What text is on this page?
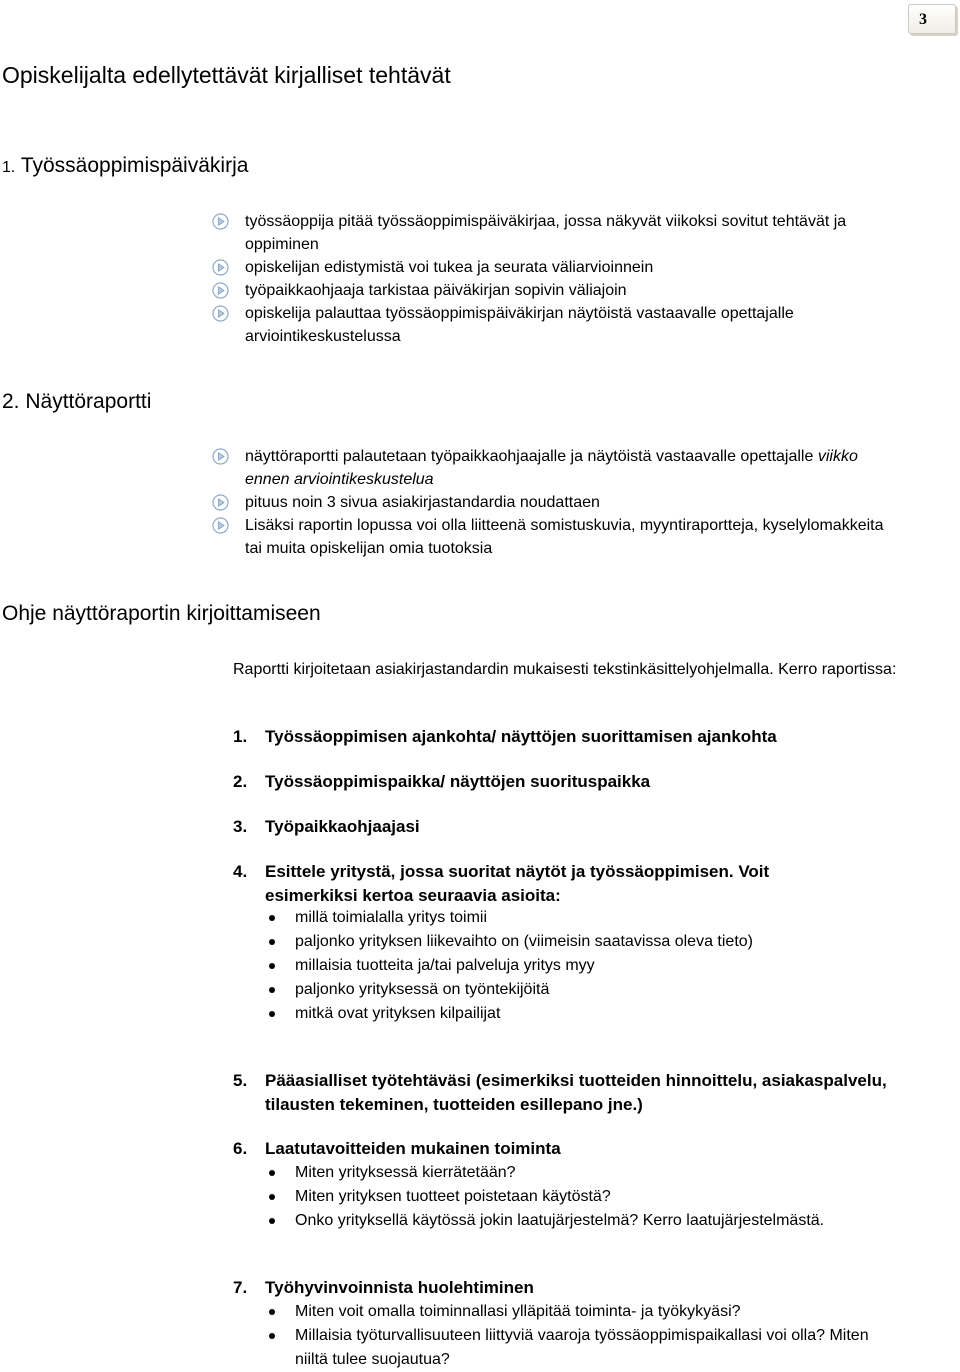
3
Opiskelijalta edellytettävät kirjalliset tehtävät
1. Työssäoppimispäiväkirja
työssäoppija pitää työssäoppimispäiväkirjaa, jossa näkyvät viikoksi sovitut tehtävät ja oppiminen
opiskelijan edistymistä voi tukea ja seurata väliarvioinnein
työpaikkaohjaaja tarkistaa päiväkirjan sopivin väliajoin
opiskelija palauttaa työssäoppimispäiväkirjan näytöistä vastaavalle opettajalle arviointikeskustelussa
2. Näyttöraportti
näyttöraportti palautetaan työpaikkaohjaajalle ja näytöistä vastaavalle opettajalle viikko ennen arviointikeskustelua
pituus noin 3 sivua asiakirjastandardia noudattaen
Lisäksi raportin lopussa voi olla liitteenä somistuskuvia, myyntiraportteja, kyselylomakkeita tai muita opiskelijan omia tuotoksia
Ohje näyttöraportin kirjoittamiseen
Raportti kirjoitetaan asiakirjastandardin mukaisesti tekstinkäsittelyohjelmalla. Kerro raportissa:
1.	Työssäoppimisen ajankohta/ näyttöjen suorittamisen ajankohta
2.	Työssäoppimispaikka/ näyttöjen suorituspaikka
3.	Työpaikkaohjaajasi
4.	Esittele yritystä, jossa suoritat näytöt ja työssäoppimisen. Voit esimerkiksi kertoa seuraavia asioita:
millä toimialalla yritys toimii
paljonko yrityksen liikevaihto on (viimeisin saatavissa oleva tieto)
millaisia tuotteita ja/tai palveluja yritys myy
paljonko yrityksessä on työntekijöitä
mitkä ovat yrityksen kilpailijat
5.	Pääasialliset työtehtäväsi (esimerkiksi tuotteiden hinnoittelu, asiakaspalvelu, tilausten tekeminen, tuotteiden esillepano jne.)
6.	Laatutavoitteiden mukainen toiminta
Miten yrityksessä kierrätetään?
Miten yrityksen tuotteet poistetaan käytöstä?
Onko yrityksellä käytössä jokin laatujärjestelmä? Kerro laatujärjestelmästä.
7.	Työhyvinvoinnista huolehtiminen
Miten voit omalla toiminnallasi ylläpitää toiminta- ja työkykyäsi?
Millaisia työturvallisuuteen liittyviä vaaroja työssäoppimispaikallasi voi olla? Miten niiltä tulee suojautua?
